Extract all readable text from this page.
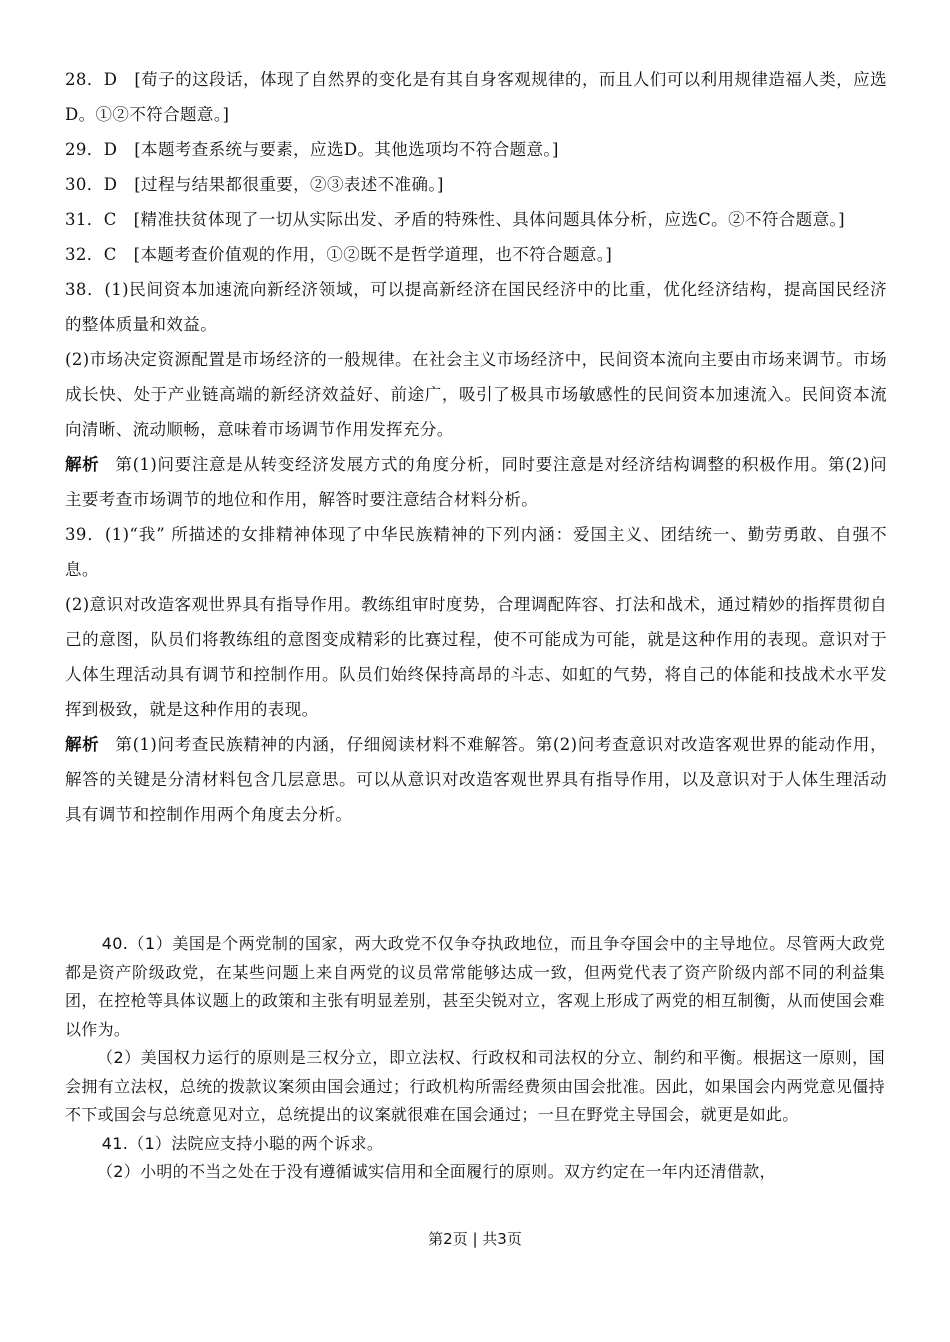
28．D　[荀子的这段话，体现了自然界的变化是有其自身客观规律的，而且人们可以利用规律造福人类，应选D。①②不符合题意。]

29．D　[本题考查系统与要素，应选D。其他选项均不符合题意。]

30．D　[过程与结果都很重要，②③表述不准确。]

31．C　[精准扶贫体现了一切从实际出发、矛盾的特殊性、具体问题具体分析，应选C。②不符合题意。]

32．C　[本题考查价值观的作用，①②既不是哲学道理，也不符合题意。]

38．(1)民间资本加速流向新经济领域，可以提高新经济在国民经济中的比重，优化经济结构，提高国民经济的整体质量和效益。

(2)市场决定资源配置是市场经济的一般规律。在社会主义市场经济中，民间资本流向主要由市场来调节。市场成长快、处于产业链高端的新经济效益好、前途广，吸引了极具市场敏感性的民间资本加速流入。民间资本流向清晰、流动顺畅，意味着市场调节作用发挥充分。

解析 第(1)问要注意是从转变经济发展方式的角度分析，同时要注意是对经济结构调整的积极作用。第(2)问主要考查市场调节的地位和作用，解答时要注意结合材料分析。

39．(1)“我” 所描述的女排精神体现了中华民族精神的下列内涵：爱国主义、团结统一、勤劳勇敢、自强不息。

(2)意识对改造客观世界具有指导作用。教练组审时度势，合理调配阵容、打法和战术，通过精妙的指挥贯彻自己的意图，队员们将教练组的意图变成精彩的比赛过程，使不可能成为可能，就是这种作用的表现。意识对于人体生理活动具有调节和控制作用。队员们始终保持高昂的斗志、如虹的气势，将自己的体能和技战术水平发挥到极致，就是这种作用的表现。

解析 第(1)问考查民族精神的内涵，仔细阅读材料不难解答。第(2)问考查意识对改造客观世界的能动作用，解答的关键是分清材料包含几层意思。可以从意识对改造客观世界具有指导作用，以及意识对于人体生理活动具有调节和控制作用两个角度去分析。

40.（1）美国是个两党制的国家，两大政党不仅争夺执政地位，而且争夺国会中的主导地位。尽管两大政党都是资产阶级政党，在某些问题上来自两党的议员常常能够达成一致，但两党代表了资产阶级内部不同的利益集团，在控枪等具体议题上的政策和主张有明显差别，甚至尖锐对立，客观上形成了两党的相互制衡，从而使国会难以作为。

（2）美国权力运行的原则是三权分立，即立法权、行政权和司法权的分立、制约和平衡。根据这一原则，国会拥有立法权，总统的拨款议案须由国会通过；行政机构所需经费须由国会批准。因此，如果国会内两党意见僵持不下或国会与总统意见对立，总统提出的议案就很难在国会通过；一旦在野党主导国会，就更是如此。

41.（1）法院应支持小聪的两个诉求。

（2）小明的不当之处在于没有遵循诚实信用和全面履行的原则。双方约定在一年内还清借款，

第2页 | 共3页
